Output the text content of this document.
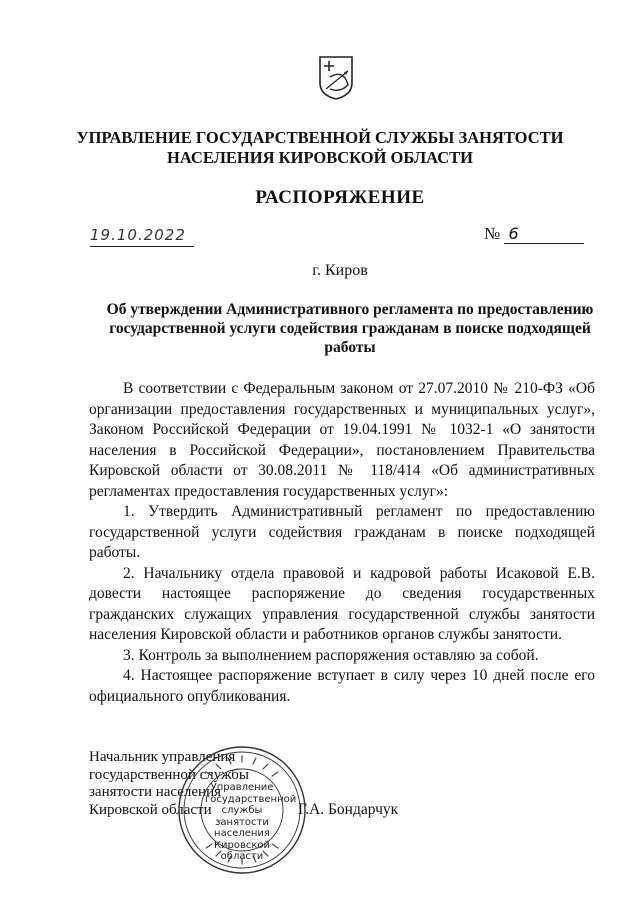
УПРАВЛЕНИЕ ГОСУДАРСТВЕННОЙ СЛУЖБЫ ЗАНЯТОСТИ
НАСЕЛЕНИЯ КИРОВСКОЙ ОБЛАСТИ
РАСПОРЯЖЕНИЕ
19.10.2022	№ 6
г. Киров
Об утверждении Административного регламента по предоставлению государственной услуги содействия гражданам в поиске подходящей работы

В соответствии с Федеральным законом от 27.07.2010 № 210-ФЗ «Об организации предоставления государственных и муниципальных услуг», Законом Российской Федерации от 19.04.1991 № 1032-1 «О занятости населения в Российской Федерации», постановлением Правительства Кировской области от 30.08.2011 № 118/414 «Об административных регламентах предоставления государственных услуг»:

1. Утвердить Административный регламент по предоставлению государственной услуги содействия гражданам в поиске подходящей работы.

2. Начальнику отдела правовой и кадровой работы Исаковой Е.В. довести настоящее распоряжение до сведения государственных гражданских служащих управления государственной службы занятости населения Кировской области и работников органов службы занятости.

3. Контроль за выполнением распоряжения оставляю за собой.

4. Настоящее распоряжение вступает в силу через 10 дней после его официального опубликования.

Начальник управления
государственной службы
занятости населения
Кировской области	Г.А. Бондарчук
Управление
государственной
службы занятости
населения
Кировской
области
